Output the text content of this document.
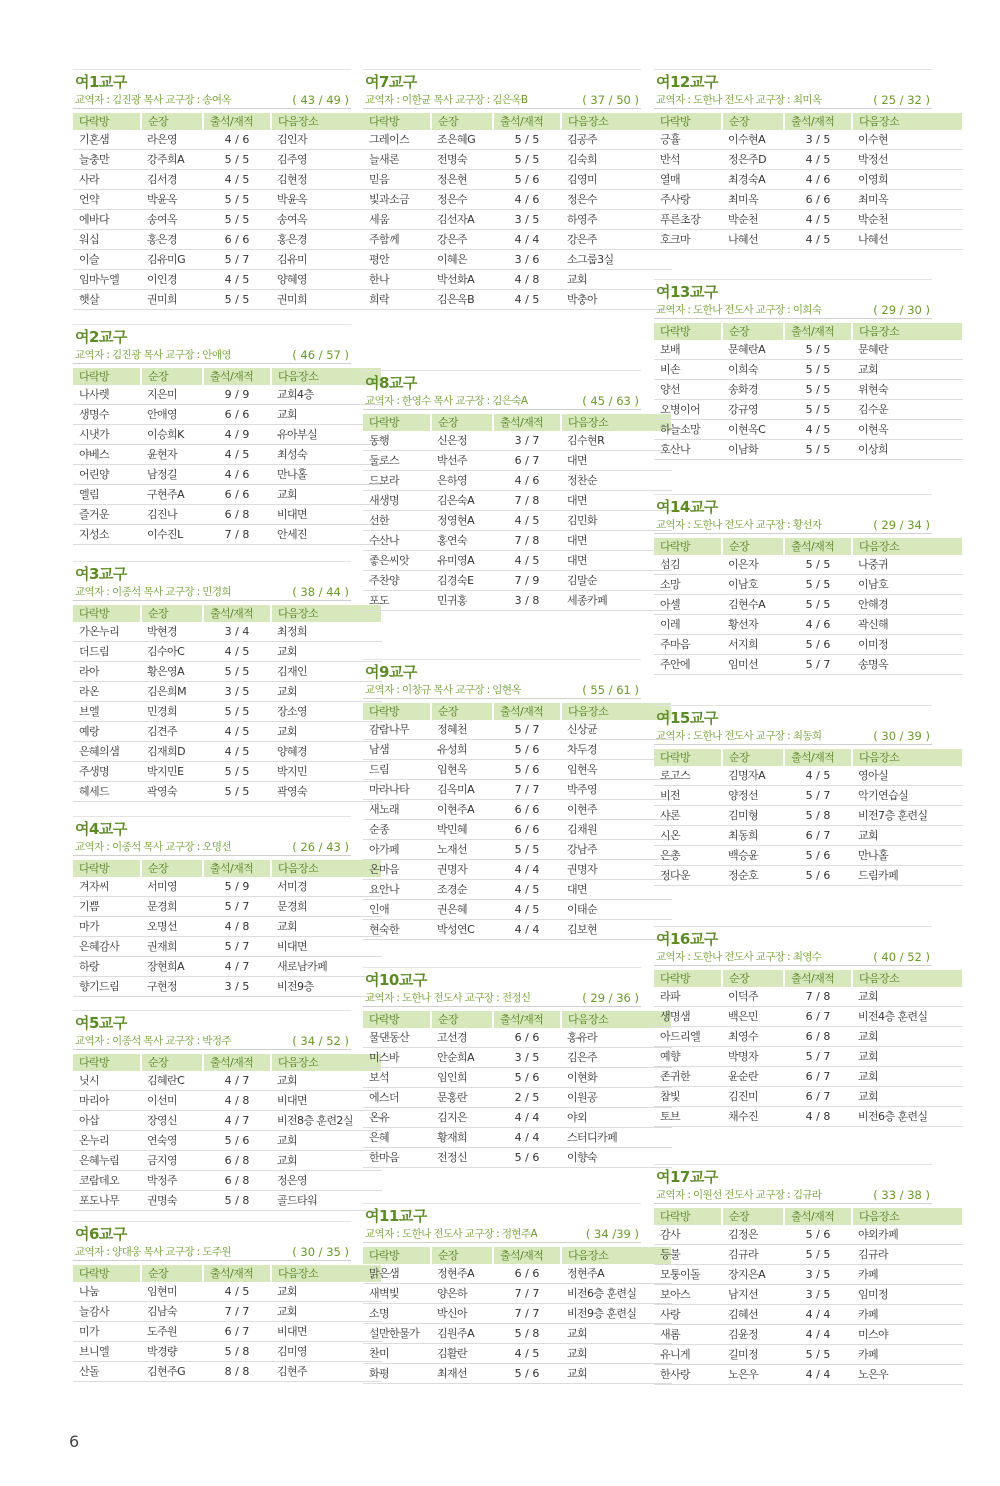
여1교구
교역자 : 김진광 목사 교구장 : 송여옥	( 43 / 49 )
다락방	순장	출석/재적	다음장소
기혼샘	라은영	4 / 6	김인자
늘충만	강주희A	5 / 5	김주영
사라	김서경	4 / 5	김현정
언약	박윤옥	5 / 5	박윤옥
에바다	송여옥	5 / 5	송여옥
워십	홍은경	6 / 6	홍은경
이슬	김유미G	5 / 7	김유미
임마누엘	이인경	4 / 5	양혜영
햇살	권미희	5 / 5	권미희
여2교구
교역자 : 김진광 목사 교구장 : 안애영	( 46 / 57 )
다락방	순장	출석/재적	다음장소
나사렛	지은미	9 / 9	교회4층
생명수	안애영	6 / 6	교회
시냇가	이승희K	4 / 9	유아부실
야베스	윤현자	4 / 5	최성숙
어린양	남정길	4 / 6	만나홀
엘림	구현주A	6 / 6	교회
즐거운	김진나	6 / 8	비대면
지성소	이수진L	7 / 8	안세진
여3교구
교역자 : 이종석 목사 교구장 : 민경희	( 38 / 44 )
다락방	순장	출석/재적	다음장소
가온누리	박현경	3 / 4	최정희
더드림	김수아C	4 / 5	교회
라아	황은영A	5 / 5	김재인
라온	김은희M	3 / 5	교회
브엘	민경희	5 / 5	장소영
예랑	김견주	4 / 5	교회
은혜의샘	김재희D	4 / 5	양혜경
주생명	박지민E	5 / 5	박지민
헤세드	곽영숙	5 / 5	곽영숙
여4교구
교역자 : 이종석 목사 교구장 : 오명선	( 26 / 43 )
다락방	순장	출석/재적	다음장소
겨자씨	서미영	5 / 9	서미경
기쁨	문경희	5 / 7	문경희
마가	오명선	4 / 8	교회
은혜감사	권재희	5 / 7	비대면
하랑	장현희A	4 / 7	새로남카페
향기드림	구현정	3 / 5	비전9층
여5교구
교역자 : 이종석 목사 교구장 : 박정주	( 34 / 52 )
다락방	순장	출석/재적	다음장소
닛시	김혜란C	4 / 7	교회
마리아	이선미	4 / 8	비대면
아삽	장영신	4 / 7	비전8층 훈련2실
온누리	연숙영	5 / 6	교회
은혜누림	금지영	6 / 8	교회
코람데오	박정주	6 / 8	정은영
포도나무	권명숙	5 / 8	골드타워
여6교구
교역자 : 양대웅 목사 교구장 : 도주원	( 30 / 35 )
다락방	순장	출석/재적	다음장소
나눔	임현미	4 / 5	교회
늘감사	김남숙	7 / 7	교회
미가	도주원	6 / 7	비대면
브니엘	박경량	5 / 8	김미영
산돌	김현주G	8 / 8	김현주
여7교구
교역자 : 이한균 목사 교구장 : 김은옥B	( 37 / 50 )
다락방	순장	출석/재적	다음장소
그레이스	조은혜G	5 / 5	김공주
늘새론	전명숙	5 / 5	김숙희
믿음	정은현	5 / 6	김영미
빛과소금	정은수	4 / 6	정은수
세움	김선자A	3 / 5	하영주
주함께	강은주	4 / 4	강은주
평안	이혜은	3 / 6	소그룹3실
한나	박선화A	4 / 8	교회
희락	김은옥B	4 / 5	박충아
여8교구
교역자 : 한영수 목사 교구장 : 김은숙A	( 45 / 63 )
다락방	순장	출석/재적	다음장소
동행	신은정	3 / 7	김수현R
둘로스	박선주	6 / 7	대면
드보라	은하영	4 / 6	정찬순
새생명	김은숙A	7 / 8	대면
선한	정영현A	4 / 5	김민화
수산나	홍연숙	7 / 8	대면
좋은씨앗	유미영A	4 / 5	대면
주찬양	김경숙E	7 / 9	김말순
포도	민귀홍	3 / 8	세종카페
여9교구
교역자 : 이창규 목사 교구장 : 임현옥	( 55 / 61 )
다락방	순장	출석/재적	다음장소
감람나무	정혜천	5 / 7	신상균
남샘	유성희	5 / 6	차두경
드림	임현옥	5 / 6	임현옥
마라나타	김옥미A	7 / 7	박주영
새노래	이현주A	6 / 6	이현주
순종	박민혜	6 / 6	김채원
아가페	노재선	5 / 5	강남주
온마음	권명자	4 / 4	권명자
요안나	조경순	4 / 5	대면
인애	권은혜	4 / 5	이태순
현숙한	박성연C	4 / 4	김보현
여10교구
교역자 : 도한나 전도사 교구장 : 전정신	( 29 / 36 )
다락방	순장	출석/재적	다음장소
물댄동산	고선경	6 / 6	홍유라
미스바	안순희A	3 / 5	김은주
보석	임인희	5 / 6	이현화
에스더	문홍란	2 / 5	이원공
온유	김지은	4 / 4	야외
은혜	황재희	4 / 4	스터디카페
한마음	전정신	5 / 6	이향숙
여11교구
교역자 : 도한나 전도사 교구장 : 정현주A	( 34 /39 )
다락방	순장	출석/재적	다음장소
맑은샘	정현주A	6 / 6	정현주A
새벽빛	양은하	7 / 7	비전6층 훈련실
소명	박신아	7 / 7	비전9층 훈련실
설만한물가	김원주A	5 / 8	교회
찬미	김활란	4 / 5	교회
화평	최재선	5 / 6	교회
여12교구
교역자 : 도한나 전도사 교구장 : 최미옥	( 25 / 32 )
다락방	순장	출석/재적	다음장소
긍휼	이수현A	3 / 5	이수현
반석	정은주D	4 / 5	박정선
열매	최경숙A	4 / 6	이영희
주사랑	최미옥	6 / 6	최미옥
푸른초장	박순천	4 / 5	박순천
호크마	나혜선	4 / 5	나혜선
여13교구
교역자 : 도한나 전도사 교구장 : 이희숙	( 29 / 30 )
다락방	순장	출석/재적	다음장소
보배	문혜란A	5 / 5	문혜란
비손	이희숙	5 / 5	교회
양선	송화경	5 / 5	위현숙
오병이어	강규영	5 / 5	김수운
하늘소망	이현옥C	4 / 5	이현옥
호산나	이남화	5 / 5	이상희
여14교구
교역자 : 도한나 전도사 교구장 : 황선자	( 29 / 34 )
다락방	순장	출석/재적	다음장소
섬김	이은자	5 / 5	나중귀
소망	이남호	5 / 5	이남호
아셀	김현수A	5 / 5	안해경
이레	황선자	4 / 6	곽신해
주마음	서지희	5 / 6	이미정
주안에	임미선	5 / 7	송명옥
여15교구
교역자 : 도한나 전도사 교구장 : 최동희	( 30 / 39 )
다락방	순장	출석/재적	다음장소
로고스	김명자A	4 / 5	영아실
비전	양정선	5 / 7	악기연습실
샤론	김미형	5 / 8	비전7층 훈련실
시온	최동희	6 / 7	교회
은총	백승윤	5 / 6	만나홀
정다운	정순호	5 / 6	드림카페
여16교구
교역자 : 도한나 전도사 교구장 : 최영수	( 40 / 52 )
다락방	순장	출석/재적	다음장소
라파	이덕주	7 / 8	교회
생명샘	백은민	6 / 7	비전4층 훈련실
아드리엘	최영수	6 / 8	교회
예향	박명자	5 / 7	교회
존귀한	윤순란	6 / 7	교회
참빛	김진미	6 / 7	교회
토브	채수진	4 / 8	비전6층 훈련실
여17교구
교역자 : 이원선 전도사 교구장 : 김규라	( 33 / 38 )
다락방	순장	출석/재적	다음장소
감사	김정은	5 / 6	야외카페
등불	김규라	5 / 5	김규라
모퉁이돌	장지은A	3 / 5	카페
보아스	남지선	3 / 5	임미정
사랑	김혜선	4 / 4	카페
새롬	김윤정	4 / 4	미스야
유니게	길미정	5 / 5	카페
한사랑	노은우	4 / 4	노은우
6
